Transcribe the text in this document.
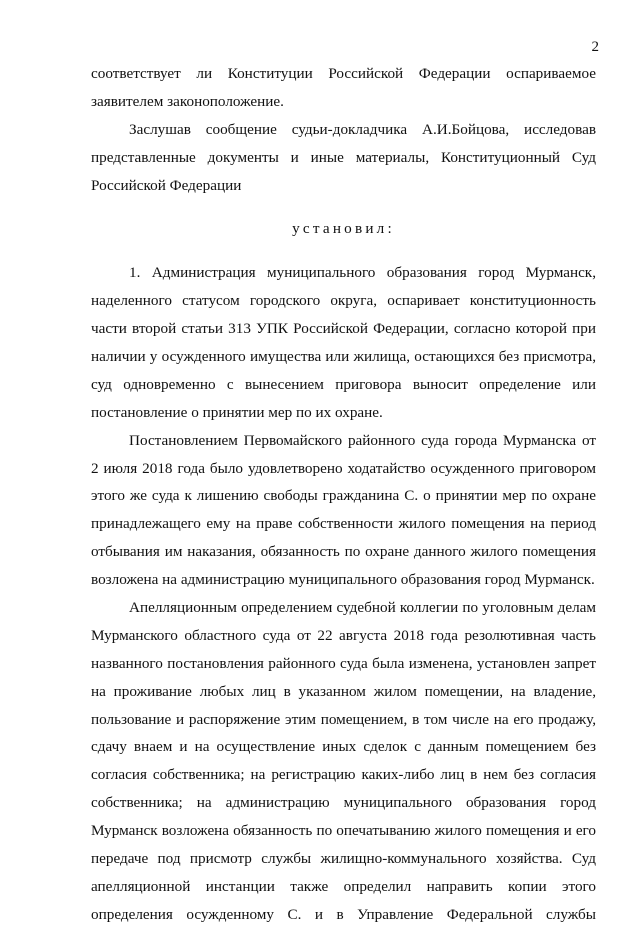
2
соответствует ли Конституции Российской Федерации оспариваемое
заявителем законоположение.
Заслушав сообщение судьи-докладчика А.И.Бойцова, исследовав
представленные документы и иные материалы, Конституционный Суд
Российской Федерации
установил:
1. Администрация муниципального образования город Мурманск,
наделенного статусом городского округа, оспаривает конституционность
части второй статьи 313 УПК Российской Федерации, согласно которой при
наличии у осужденного имущества или жилища, остающихся без присмотра,
суд одновременно с вынесением приговора выносит определение или
постановление о принятии мер по их охране.
Постановлением Первомайского районного суда города Мурманска от
2 июля 2018 года было удовлетворено ходатайство осужденного приговором
этого же суда к лишению свободы гражданина С. о принятии мер по охране
принадлежащего ему на праве собственности жилого помещения на период
отбывания им наказания, обязанность по охране данного жилого помещения
возложена на администрацию муниципального образования город Мурманск.
Апелляционным определением судебной коллегии по уголовным делам
Мурманского областного суда от 22 августа 2018 года резолютивная часть
названного постановления районного суда была изменена, установлен запрет
на проживание любых лиц в указанном жилом помещении, на владение,
пользование и распоряжение этим помещением, в том числе на его продажу,
сдачу внаем и на осуществление иных сделок с данным помещением без
согласия собственника; на регистрацию каких-либо лиц в нем без согласия
собственника; на администрацию муниципального образования город
Мурманск возложена обязанность по опечатыванию жилого помещения и его
передаче под присмотр службы жилищно-коммунального хозяйства. Суд
апелляционной инстанции также определил направить копии этого
определения осужденному С. и в Управление Федеральной службы
